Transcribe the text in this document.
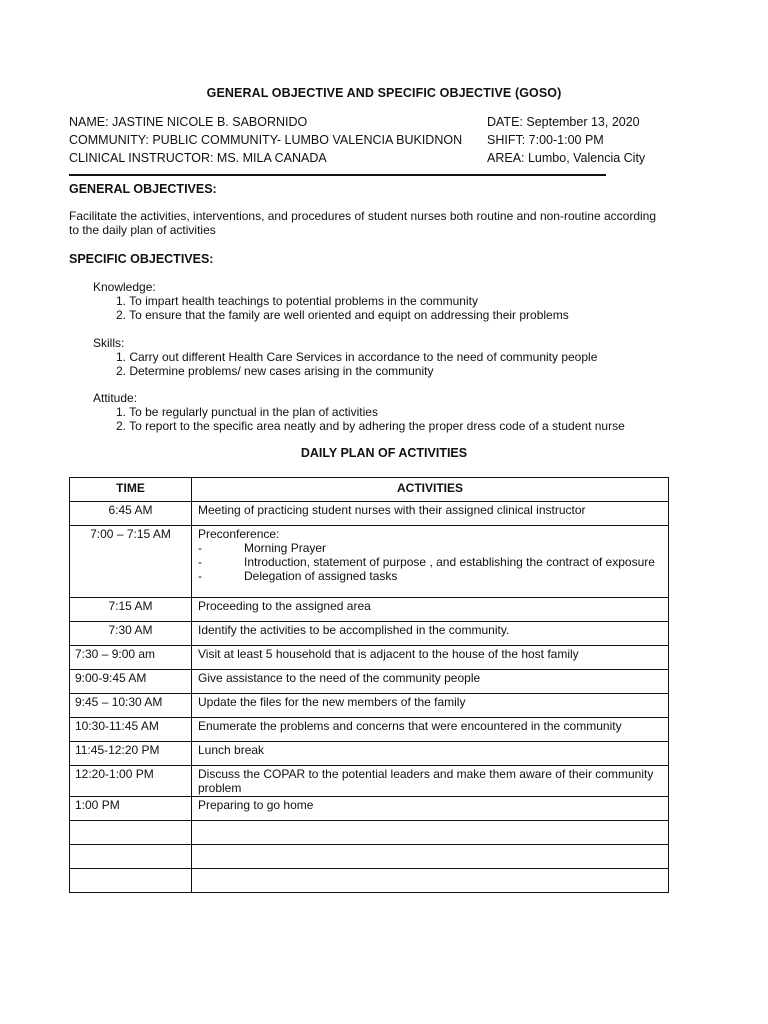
GENERAL OBJECTIVE AND SPECIFIC OBJECTIVE (GOSO)
NAME: JASTINE NICOLE B. SABORNIDO
COMMUNITY: PUBLIC COMMUNITY- LUMBO VALENCIA BUKIDNON
CLINICAL INSTRUCTOR: MS. MILA CANADA
DATE: September 13, 2020
SHIFT: 7:00-1:00 PM
AREA: Lumbo, Valencia City
GENERAL OBJECTIVES:
Facilitate the activities, interventions, and procedures of student nurses both routine and non-routine according to the daily plan of activities
SPECIFIC OBJECTIVES:
Knowledge:
1. To impart health teachings to potential problems in the community
2. To ensure that the family are well oriented and equipt on addressing their problems
Skills:
1. Carry out different Health Care Services in accordance to the need of community people
2. Determine problems/ new cases arising in the community
Attitude:
1. To be regularly punctual in the plan of activities
2. To report to the specific area neatly and by adhering the proper dress code of a student nurse
DAILY PLAN OF ACTIVITIES
TIME	ACTIVITIES
6:45 AM	Meeting of practicing student nurses with their assigned clinical instructor
7:00 – 7:15 AM	Preconference:
- Morning Prayer
- Introduction, statement of purpose , and establishing the contract of exposure
- Delegation of assigned tasks

7:15 AM	Proceeding to the assigned area
7:30 AM	Identify the activities to be accomplished in the community.
7:30 – 9:00 am	Visit at least 5 household that is adjacent to the house of the host family
9:00-9:45 AM	Give assistance to the need of the community people
9:45 – 10:30 AM	Update the files for the new members of the family
10:30-11:45 AM	Enumerate the problems and concerns that were encountered in the community
11:45-12:20 PM	Lunch break
12:20-1:00 PM	Discuss the COPAR to the potential leaders and make them aware of their community problem
1:00 PM	Preparing to go home
